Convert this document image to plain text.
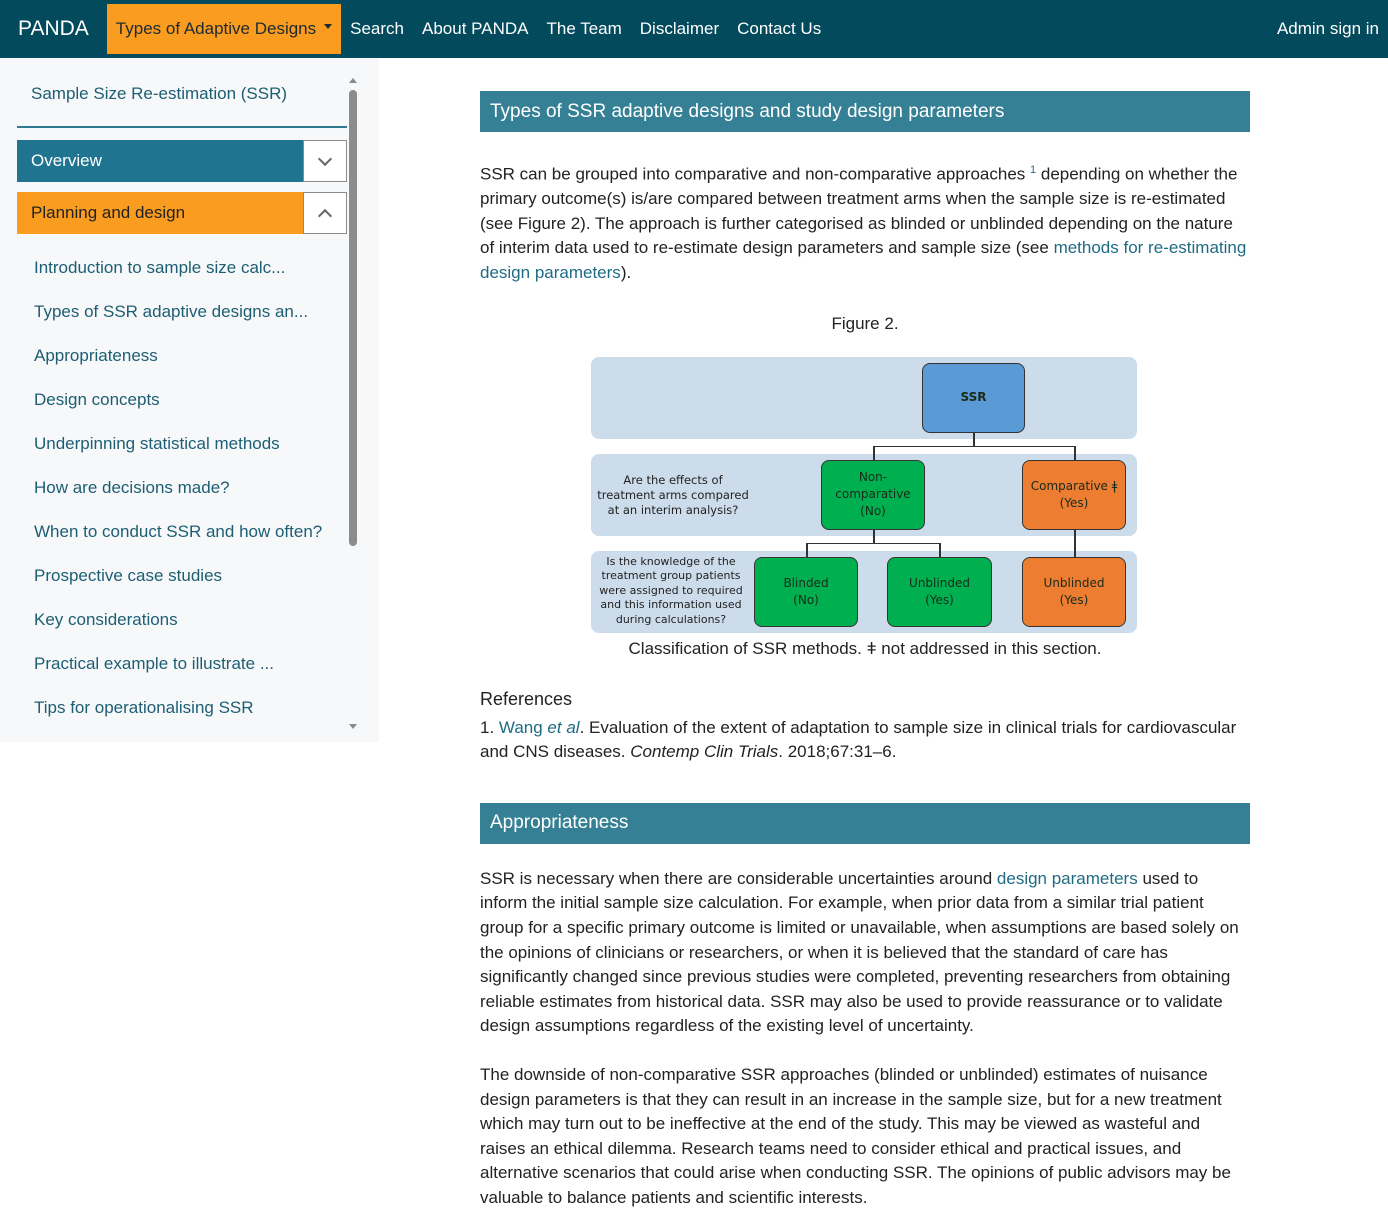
PANDA Types of Adaptive Designs Search About PANDA The Team Disclaimer Contact Us	Admin sign in
Sample Size Re-estimation (SSR)
Overview
Planning and design
Introduction to sample size calc...
Types of SSR adaptive designs an...
Appropriateness
Design concepts
Underpinning statistical methods
How are decisions made?
When to conduct SSR and how often?
Prospective case studies
Key considerations
Practical example to illustrate ...
Tips for operationalising SSR
Types of SSR adaptive designs and study design parameters

SSR can be grouped into comparative and non-comparative approaches $^1$ depending on whether the primary outcome(s) is/are compared between treatment arms when the sample size is re-estimated (see Figure 2). The approach is further categorised as blinded or unblinded depending on the nature of interim data used to re-estimate design parameters and sample size (see methods for re-estimating design parameters).

Figure 2.
SSR
Are the effects of treatment arms compared at an interim analysis?
Non-
comparative
(No)
Comparative ǂ
(Yes)
Is the knowledge of the treatment group patients were assigned to required and this information used during calculations?
Blinded
(No)
Unblinded
(Yes)
Unblinded
(Yes)
Classification of SSR methods. ǂ not addressed in this section.
References

1. Wang et al. Evaluation of the extent of adaptation to sample size in clinical trials for cardiovascular and CNS diseases. Contemp Clin Trials. 2018;67:31–6.

Appropriateness

SSR is necessary when there are considerable uncertainties around design parameters used to inform the initial sample size calculation. For example, when prior data from a similar trial patient group for a specific primary outcome is limited or unavailable, when assumptions are based solely on the opinions of clinicians or researchers, or when it is believed that the standard of care has significantly changed since previous studies were completed, preventing researchers from obtaining reliable estimates from historical data. SSR may also be used to provide reassurance or to validate design assumptions regardless of the existing level of uncertainty.

The downside of non-comparative SSR approaches (blinded or unblinded) estimates of nuisance design parameters is that they can result in an increase in the sample size, but for a new treatment which may turn out to be ineffective at the end of the study. This may be viewed as wasteful and raises an ethical dilemma. Research teams need to consider ethical and practical issues, and alternative scenarios that could arise when conducting SSR. The opinions of public advisors may be valuable to balance patients and scientific interests.
